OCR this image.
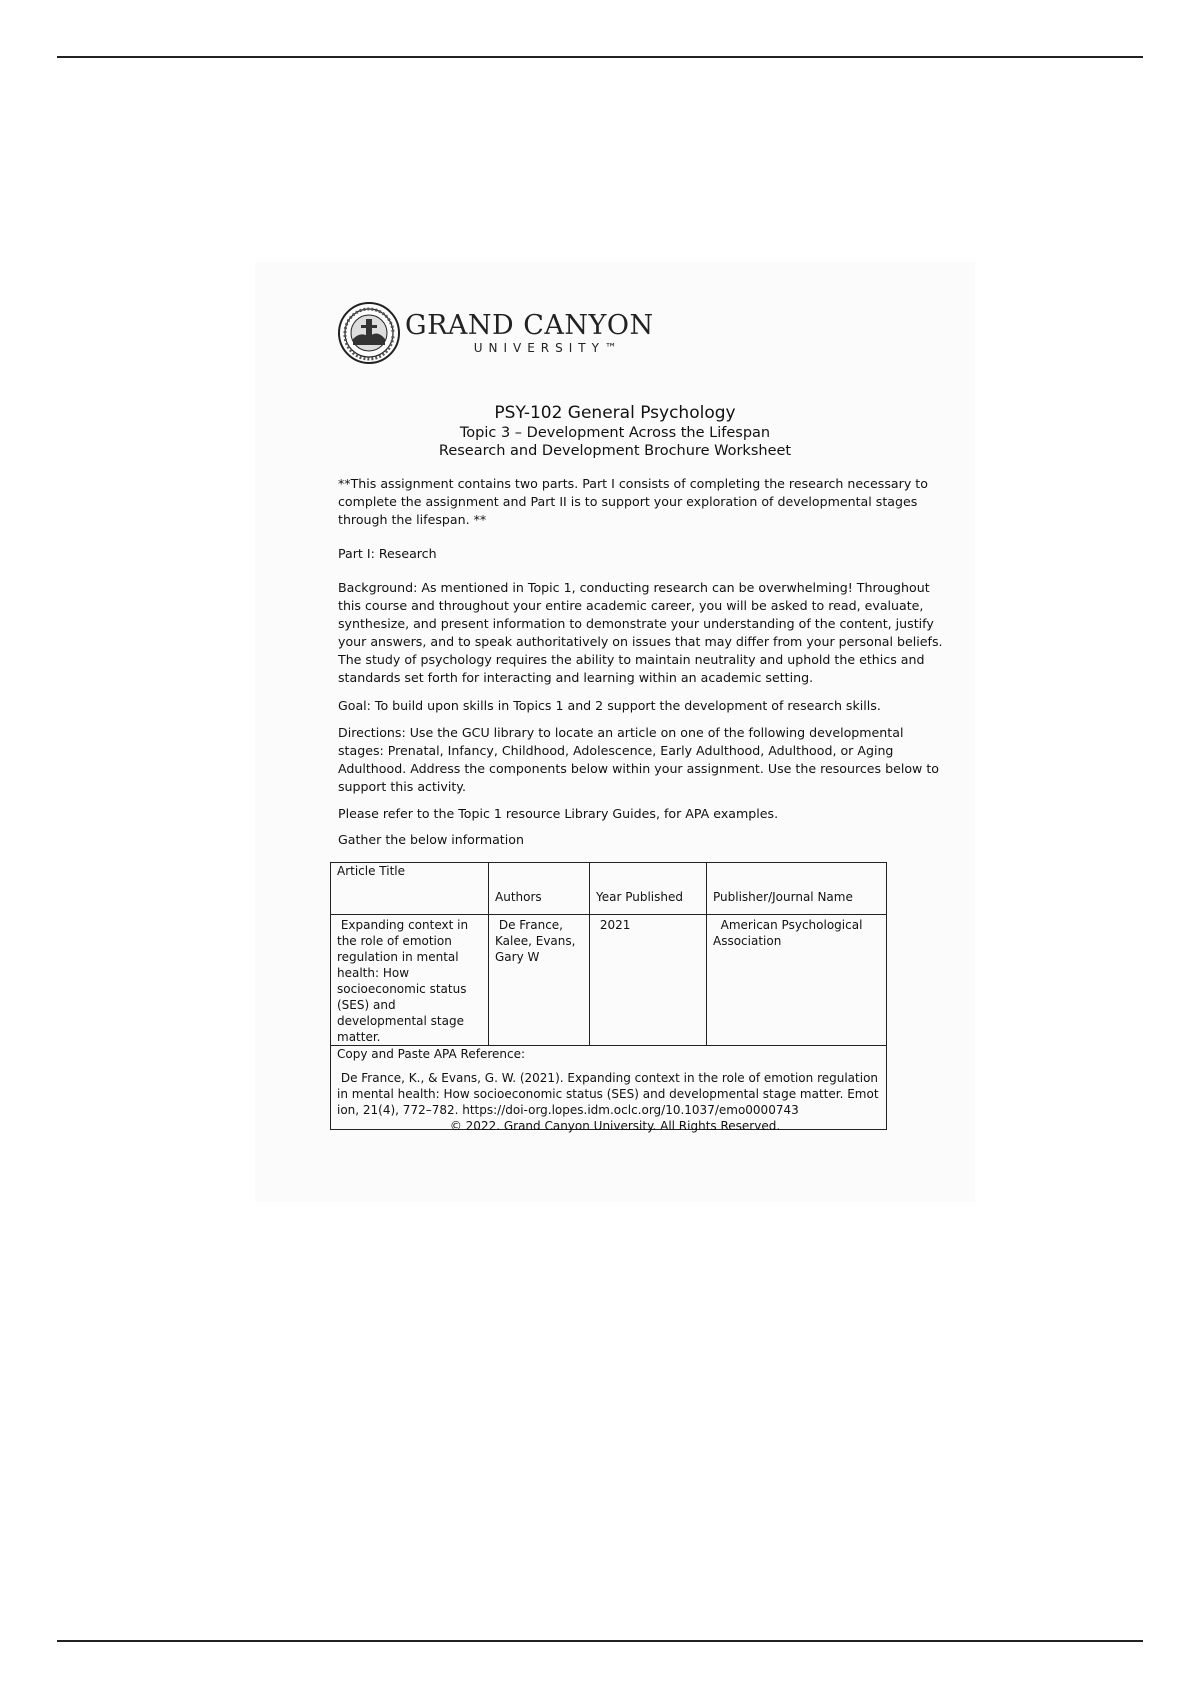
GRAND CANYON
UNIVERSITY™
PSY-102 General Psychology
Topic 3 – Development Across the Lifespan
Research and Development Brochure Worksheet
**This assignment contains two parts. Part I consists of completing the research necessary to complete the assignment and Part II is to support your exploration of developmental stages through the lifespan. **
Part I: Research
Background: As mentioned in Topic 1, conducting research can be overwhelming! Throughout this course and throughout your entire academic career, you will be asked to read, evaluate, synthesize, and present information to demonstrate your understanding of the content, justify your answers, and to speak authoritatively on issues that may differ from your personal beliefs. The study of psychology requires the ability to maintain neutrality and uphold the ethics and standards set forth for interacting and learning within an academic setting.
Goal: To build upon skills in Topics 1 and 2 support the development of research skills.
Directions: Use the GCU library to locate an article on one of the following developmental stages: Prenatal, Infancy, Childhood, Adolescence, Early Adulthood, Adulthood, or Aging Adulthood. Address the components below within your assignment. Use the resources below to support this activity.
Please refer to the Topic 1 resource Library Guides, for APA examples.
Gather the below information
Article Title	Authors	Year Published	Publisher/Journal Name
Expanding context in the role of emotion regulation in mental health: How socioeconomic status (SES) and developmental stage matter.	De France, Kalee, Evans, Gary W	2021	American Psychological Association

Copy and Paste APA Reference:
De France, K., & Evans, G. W. (2021). Expanding context in the role of emotion regulation in mental health: How socioeconomic status (SES) and developmental stage matter. Emotion, 21(4), 772–782. https://doi-org.lopes.idm.oclc.org/10.1037/emo0000743			
© 2022. Grand Canyon University. All Rights Reserved.
